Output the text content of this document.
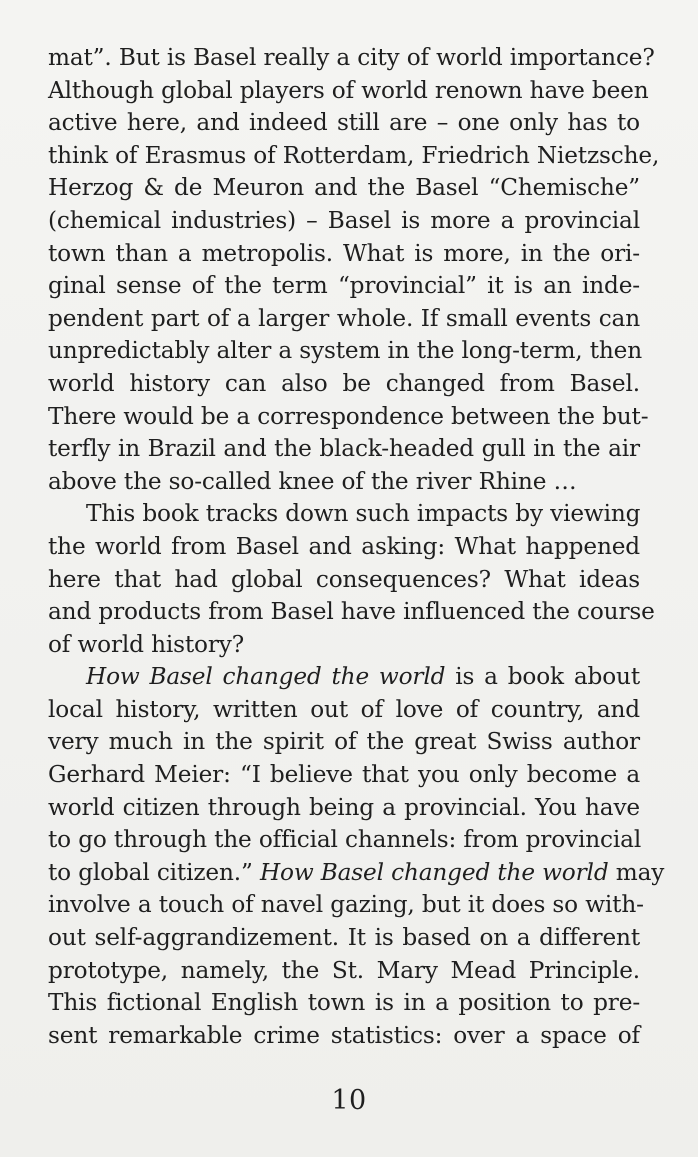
mat”. But is Basel really a city of world importance?
Although global players of world renown have been
active here, and indeed still are – one only has to
think of Erasmus of Rotterdam, Friedrich Nietzsche,
Herzog & de Meuron and the Basel “Chemische”
(chemical industries) – Basel is more a provincial
town than a metropolis. What is more, in the ori-
ginal sense of the term “provincial” it is an inde-
pendent part of a larger whole. If small events can
unpredictably alter a system in the long-term, then
world history can also be changed from Basel.
There would be a correspondence between the but-
terfly in Brazil and the black-headed gull in the air
above the so-called knee of the river Rhine …
This book tracks down such impacts by viewing
the world from Basel and asking: What happened
here that had global consequences? What ideas
and products from Basel have influenced the course
of world history?
How Basel changed the world is a book about
local history, written out of love of country, and
very much in the spirit of the great Swiss author
Gerhard Meier: “I believe that you only become a
world citizen through being a provincial. You have
to go through the official channels: from provincial
to global citizen.” How Basel changed the world may
involve a touch of navel gazing, but it does so with-
out self-aggrandizement. It is based on a different
prototype, namely, the St. Mary Mead Principle.
This fictional English town is in a position to pre-
sent remarkable crime statistics: over a space of
10
